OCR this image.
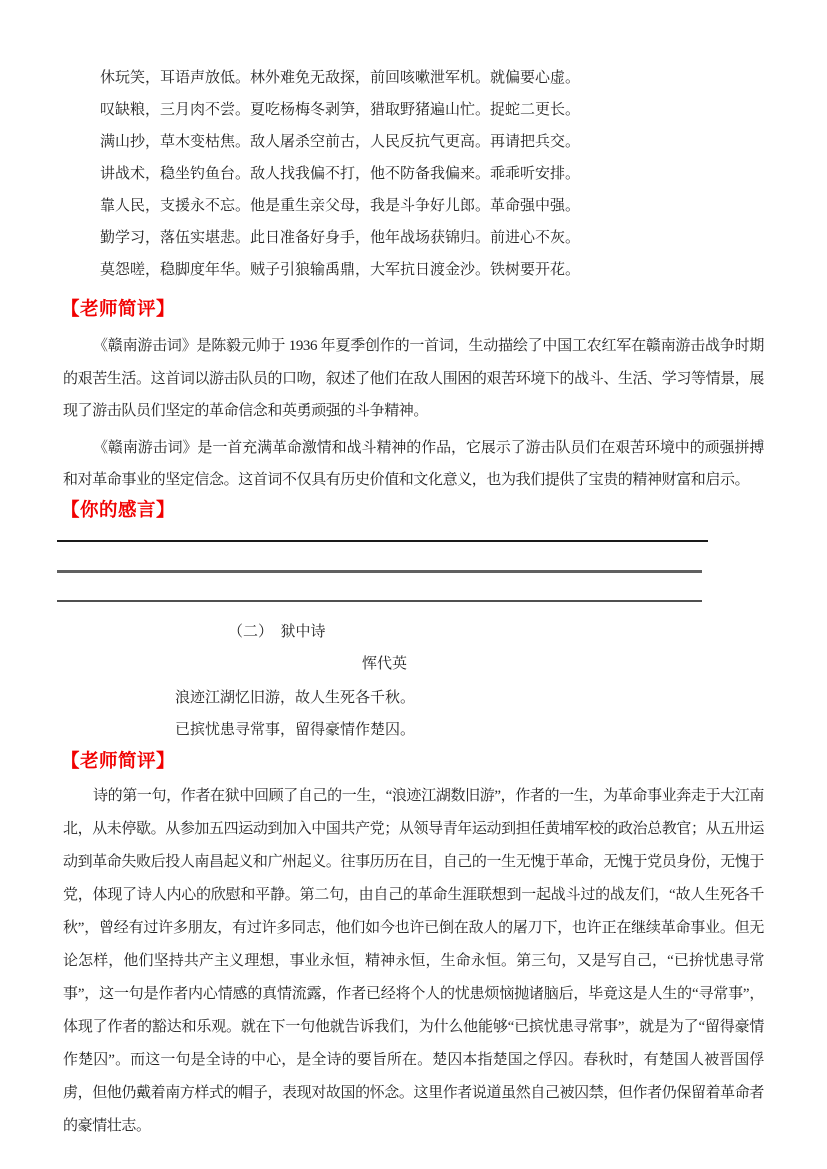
休玩笑，耳语声放低。林外难免无敌探，前回咳嗽泄军机。就偏要心虚。
叹缺粮，三月肉不尝。夏吃杨梅冬剥笋，猎取野猪遍山忙。捉蛇二更长。
满山抄，草木变枯焦。敌人屠杀空前古，人民反抗气更高。再请把兵交。
讲战术，稳坐钓鱼台。敌人找我偏不打，他不防备我偏来。乖乖听安排。
靠人民，支援永不忘。他是重生亲父母，我是斗争好儿郎。革命强中强。
勤学习，落伍实堪悲。此日准备好身手，他年战场获锦归。前进心不灰。
莫怨嗟，稳脚度年华。贼子引狼输禹鼎，大军抗日渡金沙。铁树要开花。
【老师简评】
《赣南游击词》是陈毅元帅于 1936 年夏季创作的一首词，生动描绘了中国工农红军在赣南游击战争时期的艰苦生活。这首词以游击队员的口吻，叙述了他们在敌人围困的艰苦环境下的战斗、生活、学习等情景，展现了游击队员们坚定的革命信念和英勇顽强的斗争精神。
《赣南游击词》是一首充满革命激情和战斗精神的作品，它展示了游击队员们在艰苦环境中的顽强拼搏和对革命事业的坚定信念。这首词不仅具有历史价值和文化意义，也为我们提供了宝贵的精神财富和启示。
【你的感言】
（二）　狱中诗
恽代英
浪迹江湖忆旧游，故人生死各千秋。
已摈忧患寻常事，留得豪情作楚囚。
【老师简评】
诗的第一句，作者在狱中回顾了自己的一生，“浪迹江湖数旧游”，作者的一生，为革命事业奔走于大江南北，从未停歇。从参加五四运动到加入中国共产党；从领导青年运动到担任黄埔军校的政治总教官；从五卅运动到革命失败后投人南昌起义和广州起义。往事历历在目，自己的一生无愧于革命，无愧于党员身份，无愧于党，体现了诗人内心的欣慰和平静。第二句，由自己的革命生涯联想到一起战斗过的战友们，“故人生死各千秋”，曾经有过许多朋友，有过许多同志，他们如今也许已倒在敌人的屠刀下，也许正在继续革命事业。但无论怎样，他们坚持共产主义理想，事业永恒，精神永恒，生命永恒。第三句，又是写自己，“已拚忧患寻常事”，这一句是作者内心情感的真情流露，作者已经将个人的忧患烦恼抛诸脑后，毕竟这是人生的“寻常事”，体现了作者的豁达和乐观。就在下一句他就告诉我们，为什么他能够“已摈忧患寻常事”，就是为了“留得豪情作楚囚”。而这一句是全诗的中心，是全诗的要旨所在。楚囚本指楚国之俘囚。春秋时，有楚国人被晋国俘虏，但他仍戴着南方样式的帽子，表现对故国的怀念。这里作者说道虽然自己被囚禁，但作者仍保留着革命者的豪情壮志。
